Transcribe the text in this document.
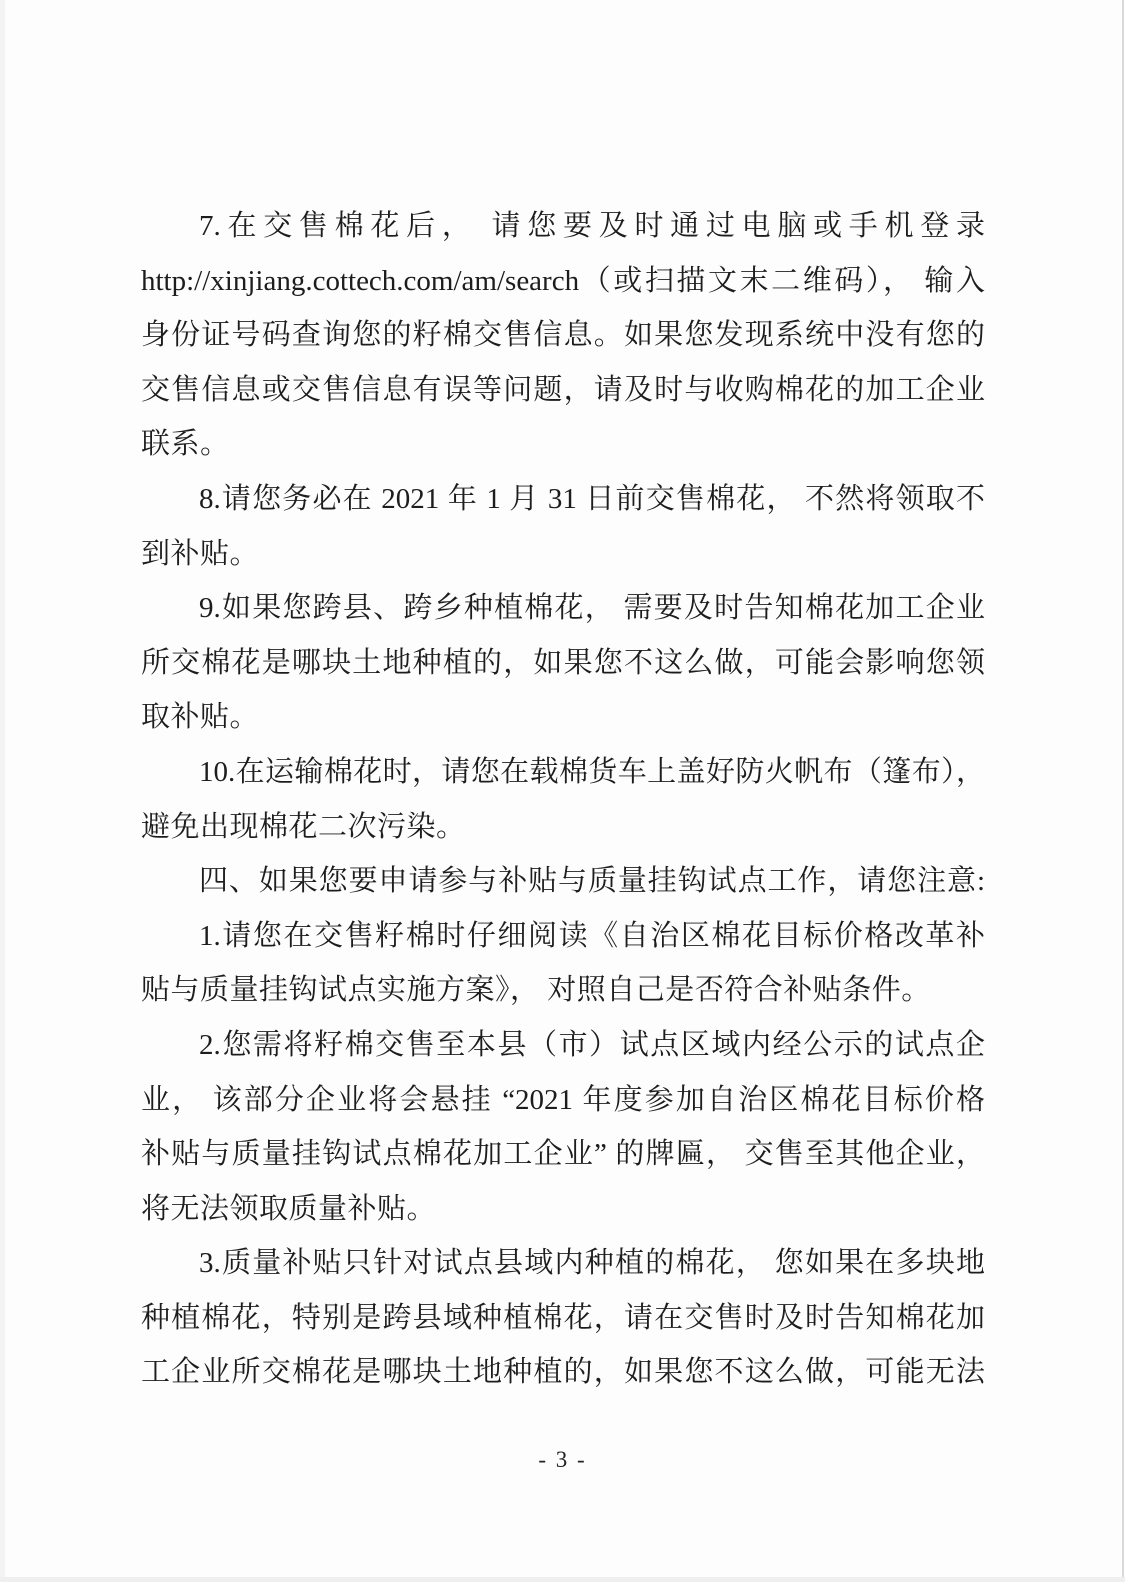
7.在交售棉花后， 请您要及时通过电脑或手机登录
http://xinjiang.cottech.com/am/search（或扫描文末二维码）， 输入
身份证号码查询您的籽棉交售信息。如果您发现系统中没有您的
交售信息或交售信息有误等问题，请及时与收购棉花的加工企业
联系。
8.请您务必在 2021 年 1 月 31 日前交售棉花， 不然将领取不
到补贴。
9.如果您跨县、跨乡种植棉花， 需要及时告知棉花加工企业
所交棉花是哪块土地种植的，如果您不这么做，可能会影响您领
取补贴。
10.在运输棉花时，请您在载棉货车上盖好防火帆布（篷布），
避免出现棉花二次污染。
四、如果您要申请参与补贴与质量挂钩试点工作，请您注意:
1.请您在交售籽棉时仔细阅读《自治区棉花目标价格改革补
贴与质量挂钩试点实施方案》， 对照自己是否符合补贴条件。
2.您需将籽棉交售至本县（市）试点区域内经公示的试点企
业， 该部分企业将会悬挂 “2021 年度参加自治区棉花目标价格
补贴与质量挂钩试点棉花加工企业” 的牌匾， 交售至其他企业，
将无法领取质量补贴。
3.质量补贴只针对试点县域内种植的棉花， 您如果在多块地
种植棉花，特别是跨县域种植棉花，请在交售时及时告知棉花加
工企业所交棉花是哪块土地种植的，如果您不这么做，可能无法
- 3 -
